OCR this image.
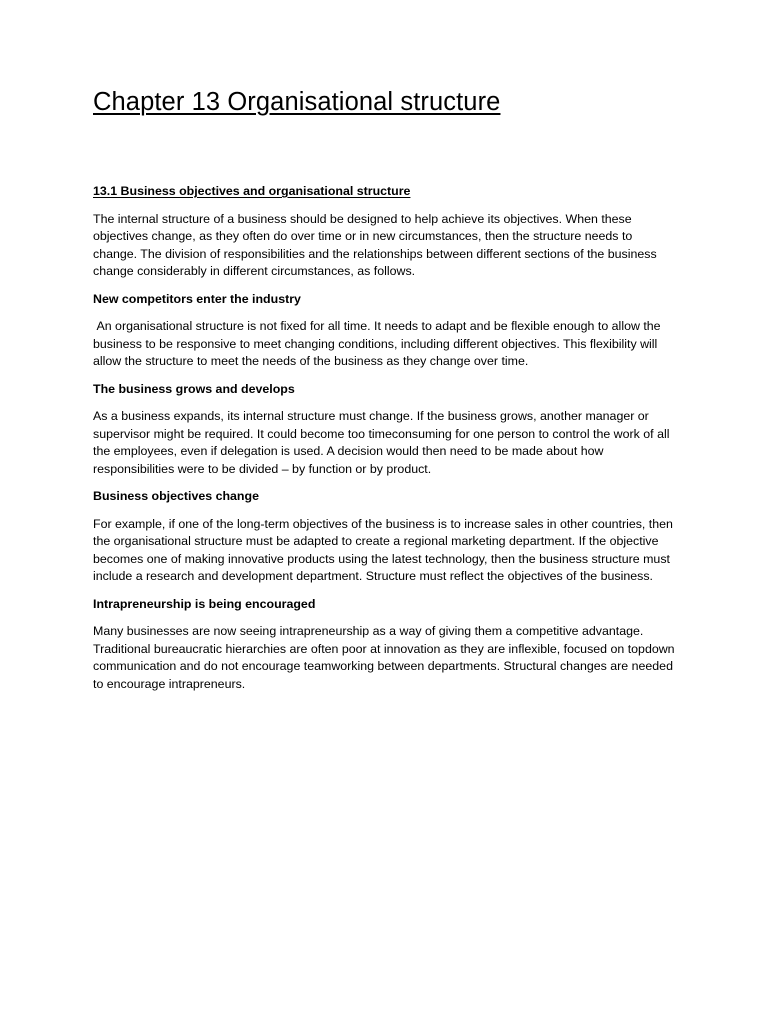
Chapter 13 Organisational structure

13.1 Business objectives and organisational structure

The internal structure of a business should be designed to help achieve its objectives. When these objectives change, as they often do over time or in new circumstances, then the structure needs to change. The division of responsibilities and the relationships between different sections of the business change considerably in different circumstances, as follows.

New competitors enter the industry

An organisational structure is not fixed for all time. It needs to adapt and be flexible enough to allow the business to be responsive to meet changing conditions, including different objectives. This flexibility will allow the structure to meet the needs of the business as they change over time.

The business grows and develops

As a business expands, its internal structure must change. If the business grows, another manager or supervisor might be required. It could become too timeconsuming for one person to control the work of all the employees, even if delegation is used. A decision would then need to be made about how responsibilities were to be divided – by function or by product.

Business objectives change

For example, if one of the long-term objectives of the business is to increase sales in other countries, then the organisational structure must be adapted to create a regional marketing department. If the objective becomes one of making innovative products using the latest technology, then the business structure must include a research and development department. Structure must reflect the objectives of the business.

Intrapreneurship is being encouraged

Many businesses are now seeing intrapreneurship as a way of giving them a competitive advantage. Traditional bureaucratic hierarchies are often poor at innovation as they are inflexible, focused on topdown communication and do not encourage teamworking between departments. Structural changes are needed to encourage intrapreneurs.
